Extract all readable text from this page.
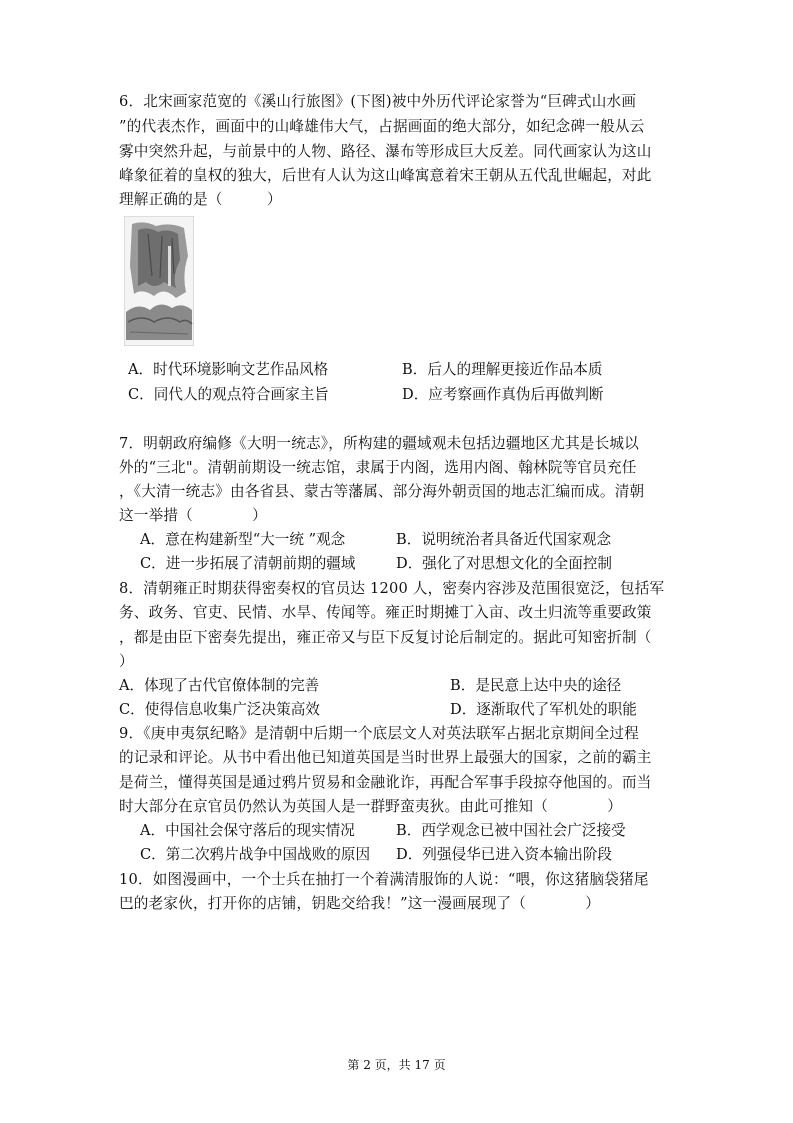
6．北宋画家范宽的《溪山行旅图》(下图)被中外历代评论家誉为“巨碑式山水画
”的代表杰作，画面中的山峰雄伟大气，占据画面的绝大部分，如纪念碑一般从云
雾中突然升起，与前景中的人物、路径、瀑布等形成巨大反差。同代画家认为这山
峰象征着的皇权的独大，后世有人认为这山峰寓意着宋王朝从五代乱世崛起，对此
理解正确的是（　　　）
A．时代环境影响文艺作品风格	B．后人的理解更接近作品本质
C．同代人的观点符合画家主旨	D．应考察画作真伪后再做判断
7．明朝政府编修《大明一统志》，所构建的疆域观未包括边疆地区尤其是长城以
外的“三北"。清朝前期设一统志馆，隶属于内阁，选用内阁、翰林院等官员充任
，《大清一统志》由各省县、蒙古等藩属、部分海外朝贡国的地志汇编而成。清朝
这一举措（　　　　）
A．意在构建新型“大一统 ”观念	B．说明统治者具备近代国家观念
C．进一步拓展了清朝前期的疆域	D．强化了对思想文化的全面控制
8．清朝雍正时期获得密奏权的官员达 1200 人，密奏内容涉及范围很宽泛，包括军
务、政务、官吏、民情、水旱、传闻等。雍正时期摊丁入亩、改土归流等重要政策
，都是由臣下密奏先提出，雍正帝又与臣下反复讨论后制定的。据此可知密折制（
）
A．体现了古代官僚体制的完善	B．是民意上达中央的途径
C．使得信息收集广泛决策高效	D．逐渐取代了军机处的职能
9．《庚申夷氛纪略》是清朝中后期一个底层文人对英法联军占据北京期间全过程
的记录和评论。从书中看出他已知道英国是当时世界上最强大的国家，之前的霸主
是荷兰，懂得英国是通过鸦片贸易和金融讹诈，再配合军事手段掠夺他国的。而当
时大部分在京官员仍然认为英国人是一群野蛮夷狄。由此可推知（　　　　）
A．中国社会保守落后的现实情况	B．西学观念已被中国社会广泛接受
C．第二次鸦片战争中国战败的原因 D．列强侵华已进入资本输出阶段
10．如图漫画中，一个士兵在抽打一个着满清服饰的人说：“喂，你这猪脑袋猪尾
巴的老家伙，打开你的店铺，钥匙交给我！”这一漫画展现了（　　　　）
第 2 页，共 17 页
